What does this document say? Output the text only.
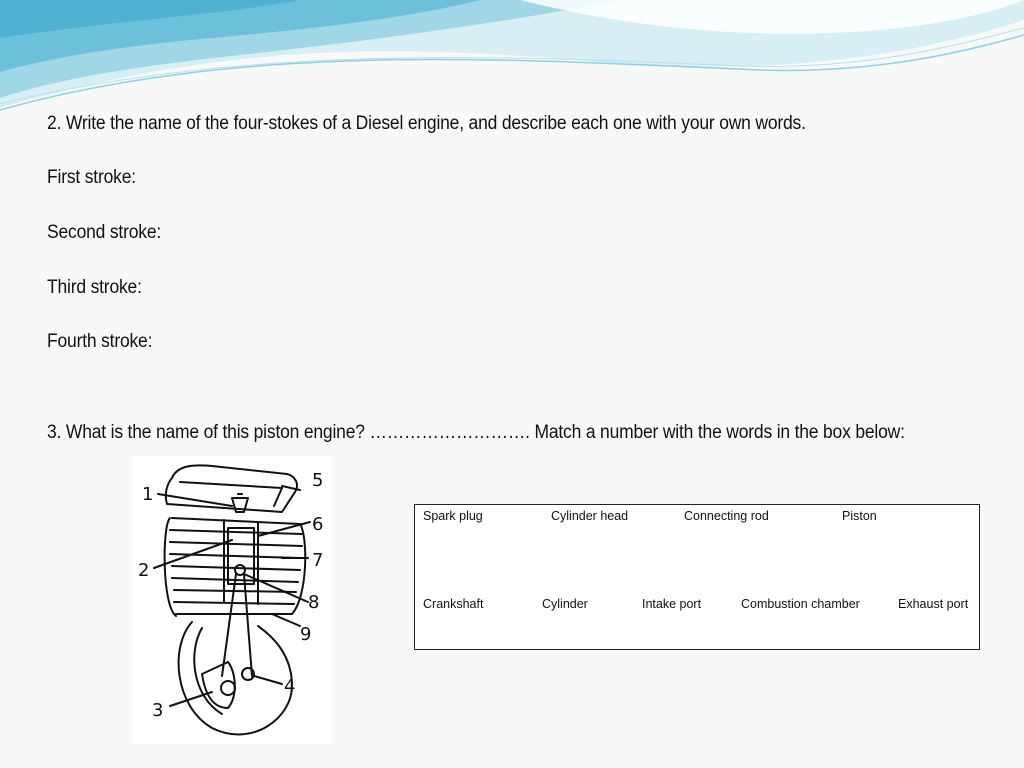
2. Write the name of the four-stokes of a Diesel engine, and describe each one with your own words.
First stroke:
Second stroke:
Third stroke:
Fourth stroke:
3. What is the name of this piston engine? ………………………. Match a number with the words in the box below:
1
2
3
4
5
6
7
8
9
Spark plug	Cylinder head	Connecting rod	Piston
Crankshaft	Cylinder	Intake port	Combustion chamber	Exhaust port
